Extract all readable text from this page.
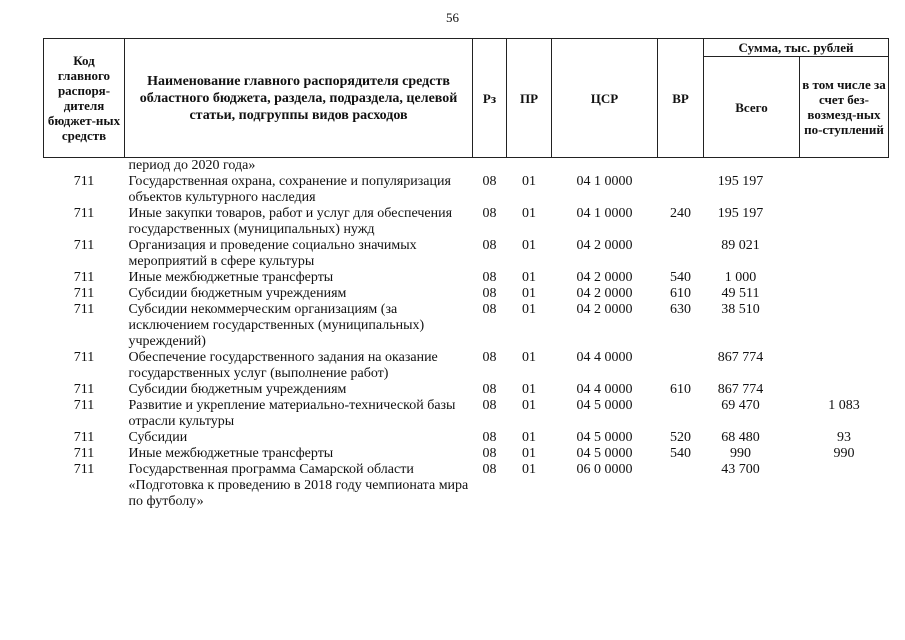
56
Код главного распоря-дителя бюджет-ных средств	Наименование главного распорядителя средств областного бюджета, раздела, подраздела, целевой статьи, подгруппы видов расходов	Рз	ПР	ЦСР	ВР	Сумма, тыс. рублей	
						Всего	в том числе за счет без-возмезд-ных по-ступлений
	период до 2020 года»						
711	Государственная охрана, сохранение и популяризация объектов культурного наследия	08	01	04 1 0000		195 197	
711	Иные закупки товаров, работ и услуг для обеспечения государственных (муниципальных) нужд	08	01	04 1 0000	240	195 197	
711	Организация и проведение социально значимых мероприятий в сфере культуры	08	01	04 2 0000		89 021	
711	Иные межбюджетные трансферты	08	01	04 2 0000	540	1 000	
711	Субсидии бюджетным учреждениям	08	01	04 2 0000	610	49 511	
711	Субсидии некоммерческим организациям (за исключением государственных (муниципальных) учреждений)	08	01	04 2 0000	630	38 510	
711	Обеспечение государственного задания на оказание государственных услуг (выполнение работ)	08	01	04 4 0000		867 774	
711	Субсидии бюджетным учреждениям	08	01	04 4 0000	610	867 774	
711	Развитие и укрепление материально-технической базы отрасли культуры	08	01	04 5 0000		69 470	1 083
711	Субсидии	08	01	04 5 0000	520	68 480	93
711	Иные межбюджетные трансферты	08	01	04 5 0000	540	990	990
711	Государственная программа Самарской области «Подготовка к проведению в 2018 году чемпионата мира по футболу»	08	01	06 0 0000		43 700	
